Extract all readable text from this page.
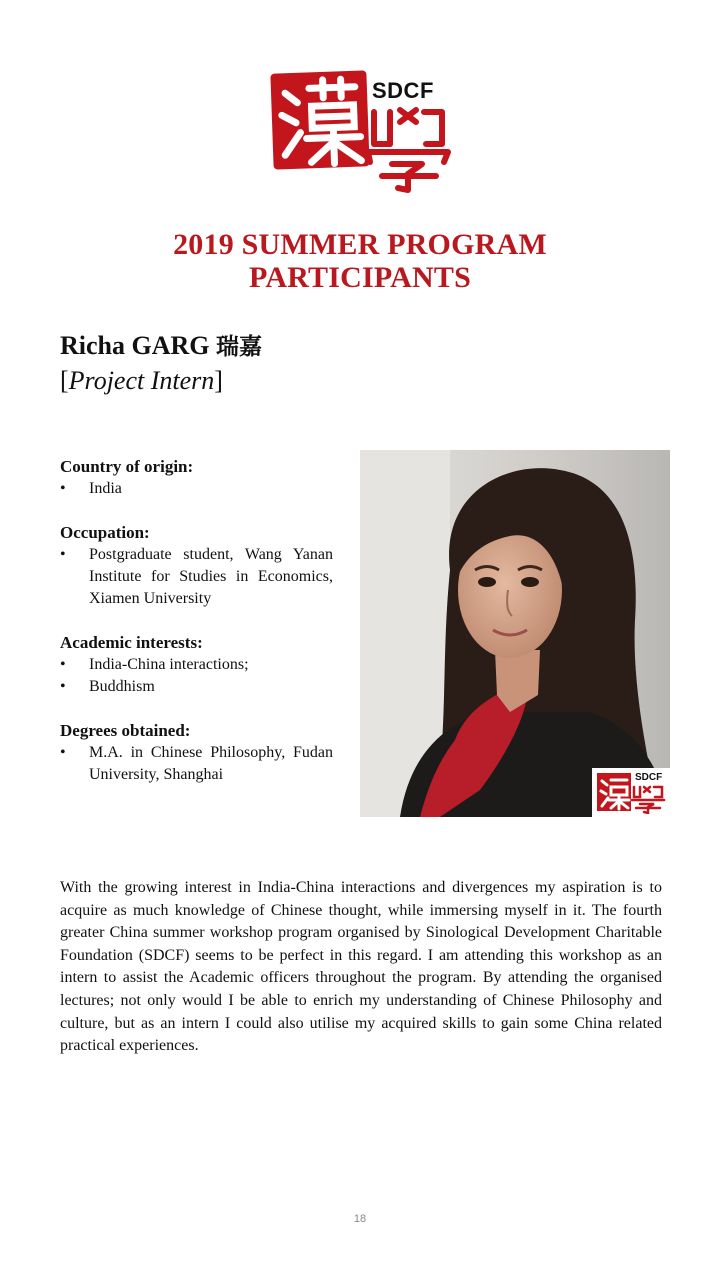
SDCF
2019 SUMMER PROGRAM
PARTICIPANTS
Richa GARG 瑞嘉
[Project Intern]
Country of origin:
• India
Occupation:
• Postgraduate student, Wang Yanan Institute for Studies in Economics, Xiamen University
Academic interests:
• India-China interactions;
• Buddhism
Degrees obtained:
• M.A. in Chinese Philosophy, Fudan University, Shanghai	SDCF
With the growing interest in India-China interactions and divergences my aspiration is to acquire as much knowledge of Chinese thought, while immersing myself in it. The fourth greater China summer workshop program organised by Sinological Development Charitable Foundation (SDCF) seems to be perfect in this regard. I am attending this workshop as an intern to assist the Academic officers throughout the program. By attending the organised lectures; not only would I be able to enrich my understanding of Chinese Philosophy and culture, but as an intern I could also utilise my acquired skills to gain some China related practical experiences.
18
